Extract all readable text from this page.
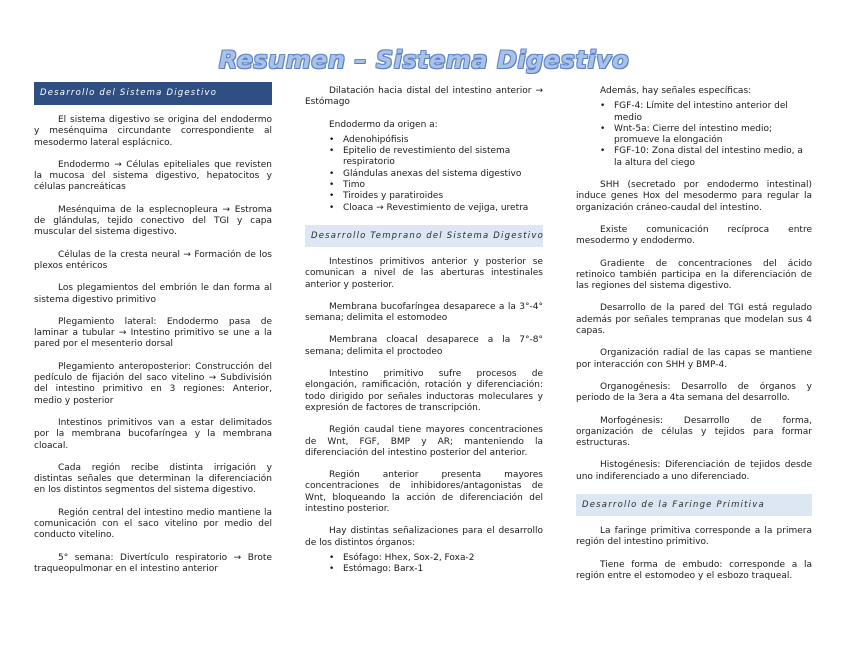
Resumen – Sistema Digestivo
Desarrollo del Sistema Digestivo

El sistema digestivo se origina del endodermo y mesénquima circundante correspondiente al mesodermo lateral esplácnico.

Endodermo → Células epiteliales que revisten la mucosa del sistema digestivo, hepatocitos y células pancreáticas

Mesénquima de la esplecnopleura → Estroma de glándulas, tejido conectivo del TGI y capa muscular del sistema digestivo.

Células de la cresta neural → Formación de los plexos entéricos

Los plegamientos del embrión le dan forma al sistema digestivo primitivo

Plegamiento lateral: Endodermo pasa de laminar a tubular → Intestino primitivo se une a la pared por el mesenterio dorsal

Plegamiento anteroposterior: Construcción del pedículo de fijación del saco vitelino → Subdivisión del intestino primitivo en 3 regiones: Anterior, medio y posterior

Intestinos primitivos van a estar delimitados por la membrana bucofaríngea y la membrana cloacal.

Cada región recibe distinta irrigación y distintas señales que determinan la diferenciación en los distintos segmentos del sistema digestivo.

Región central del intestino medio mantiene la comunicación con el saco vitelino por medio del conducto vitelino.

5° semana: Divertículo respiratorio → Brote traqueopulmonar en el intestino anterior

Dilatación hacia distal del intestino anterior → Estómago

Endodermo da origen a:

• Adenohipófisis
• Epitelio de revestimiento del sistema respiratorio
• Glándulas anexas del sistema digestivo
• Timo
• Tiroides y paratiroides
• Cloaca → Revestimiento de vejiga, uretra
Desarrollo Temprano del Sistema Digestivo

Intestinos primitivos anterior y posterior se comunican a nivel de las aberturas intestinales anterior y posterior.

Membrana bucofaríngea desaparece a la 3°-4° semana; delimita el estomodeo

Membrana cloacal desaparece a la 7°-8° semana; delimita el proctodeo

Intestino primitivo sufre procesos de elongación, ramificación, rotación y diferenciación: todo dirigido por señales inductoras moleculares y expresión de factores de transcripción.

Región caudal tiene mayores concentraciones de Wnt, FGF, BMP y AR; manteniendo la diferenciación del intestino posterior del anterior.

Región anterior presenta mayores concentraciones de inhibidores/antagonistas de Wnt, bloqueando la acción de diferenciación del intestino posterior.

Hay distintas señalizaciones para el desarrollo de los distintos órganos:

• Esófago: Hhex, Sox-2, Foxa-2
• Estómago: Barx-1

Además, hay señales específicas:

• FGF-4: Límite del intestino anterior del medio
• Wnt-5a: Cierre del intestino medio; promueve la elongación
• FGF-10: Zona distal del intestino medio, a la altura del ciego

SHH (secretado por endodermo intestinal) induce genes Hox del mesodermo para regular la organización cráneo-caudal del intestino.

Existe comunicación recíproca entre mesodermo y endodermo.

Gradiente de concentraciones del ácido retinoico también participa en la diferenciación de las regiones del sistema digestivo.

Desarrollo de la pared del TGI está regulado además por señales tempranas que modelan sus 4 capas.

Organización radial de las capas se mantiene por interacción con SHH y BMP-4.

Organogénesis: Desarrollo de órganos y periodo de la 3era a 4ta semana del desarrollo.

Morfogénesis: Desarrollo de forma, organización de células y tejidos para formar estructuras.

Histogénesis: Diferenciación de tejidos desde uno indiferenciado a uno diferenciado.

Desarrollo de la Faringe Primitiva

La faringe primitiva corresponde a la primera región del intestino primitivo.

Tiene forma de embudo: corresponde a la región entre el estomodeo y el esbozo traqueal.
